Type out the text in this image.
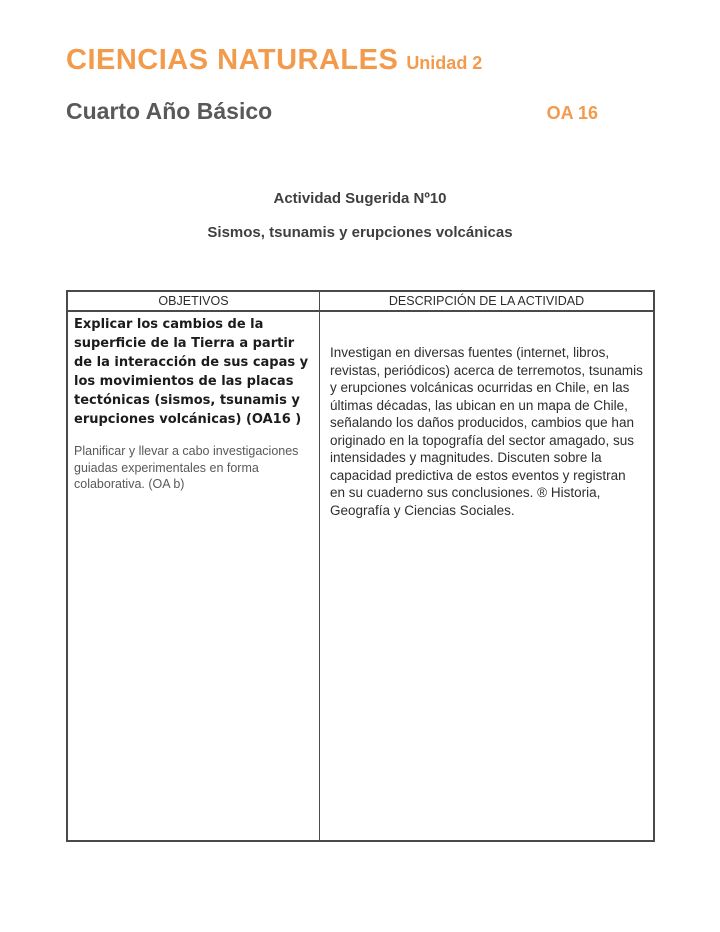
CIENCIAS NATURALES Unidad 2
Cuarto Año Básico	OA 16
Actividad Sugerida Nº10
Sismos, tsunamis y erupciones volcánicas
OBJETIVOS	DESCRIPCIÓN DE LA ACTIVIDAD
Explicar los cambios de la superficie de la Tierra a partir de la interacción de sus capas y los movimientos de las placas tectónicas (sismos, tsunamis y erupciones volcánicas) (OA16 )
Planificar y llevar a cabo investigaciones guiadas experimentales en forma colaborativa. (OA b)
Investigan en diversas fuentes (internet, libros, revistas, periódicos) acerca de terremotos, tsunamis y erupciones volcánicas ocurridas en Chile, en las últimas décadas, las ubican en un mapa de Chile, señalando los daños producidos, cambios que han originado en la topografía del sector amagado, sus intensidades y magnitudes. Discuten sobre la capacidad predictiva de estos eventos y registran en su cuaderno sus conclusiones. ® Historia, Geografía y Ciencias Sociales.
